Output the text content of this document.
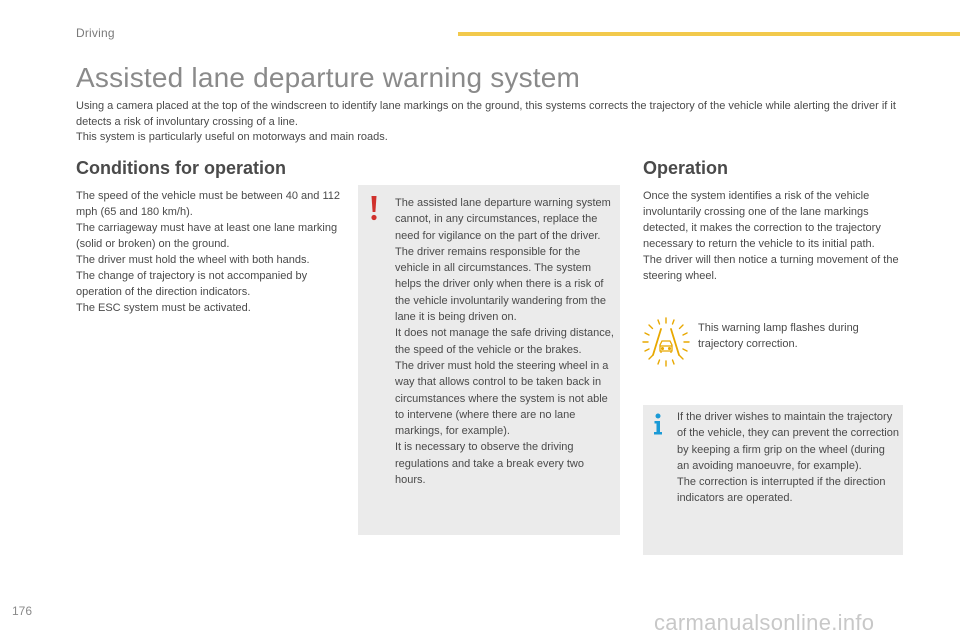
Driving
Assisted lane departure warning system

Using a camera placed at the top of the windscreen to identify lane markings on the ground, this systems corrects the trajectory of the vehicle while alerting the driver if it detects a risk of involuntary crossing of a line.

This system is particularly useful on motorways and main roads.

Conditions for operation

The speed of the vehicle must be between 40 and 112 mph (65 and 180 km/h).

The carriageway must have at least one lane marking (solid or broken) on the ground.

The driver must hold the wheel with both hands.

The change of trajectory is not accompanied by operation of the direction indicators.

The ESC system must be activated.

The assisted lane departure warning system cannot, in any circumstances, replace the need for vigilance on the part of the driver.

The driver remains responsible for the vehicle in all circumstances. The system helps the driver only when there is a risk of the vehicle involuntarily wandering from the lane it is being driven on.

It does not manage the safe driving distance, the speed of the vehicle or the brakes.

The driver must hold the steering wheel in a way that allows control to be taken back in circumstances where the system is not able to intervene (where there are no lane markings, for example).

It is necessary to observe the driving regulations and take a break every two hours.

Operation

Once the system identifies a risk of the vehicle involuntarily crossing one of the lane markings detected, it makes the correction to the trajectory necessary to return the vehicle to its initial path.

The driver will then notice a turning movement of the steering wheel.

This warning lamp flashes during trajectory correction.

If the driver wishes to maintain the trajectory of the vehicle, they can prevent the correction by keeping a firm grip on the wheel (during an avoiding manoeuvre, for example).

The correction is interrupted if the direction indicators are operated.

176	carmanualsonline.info
